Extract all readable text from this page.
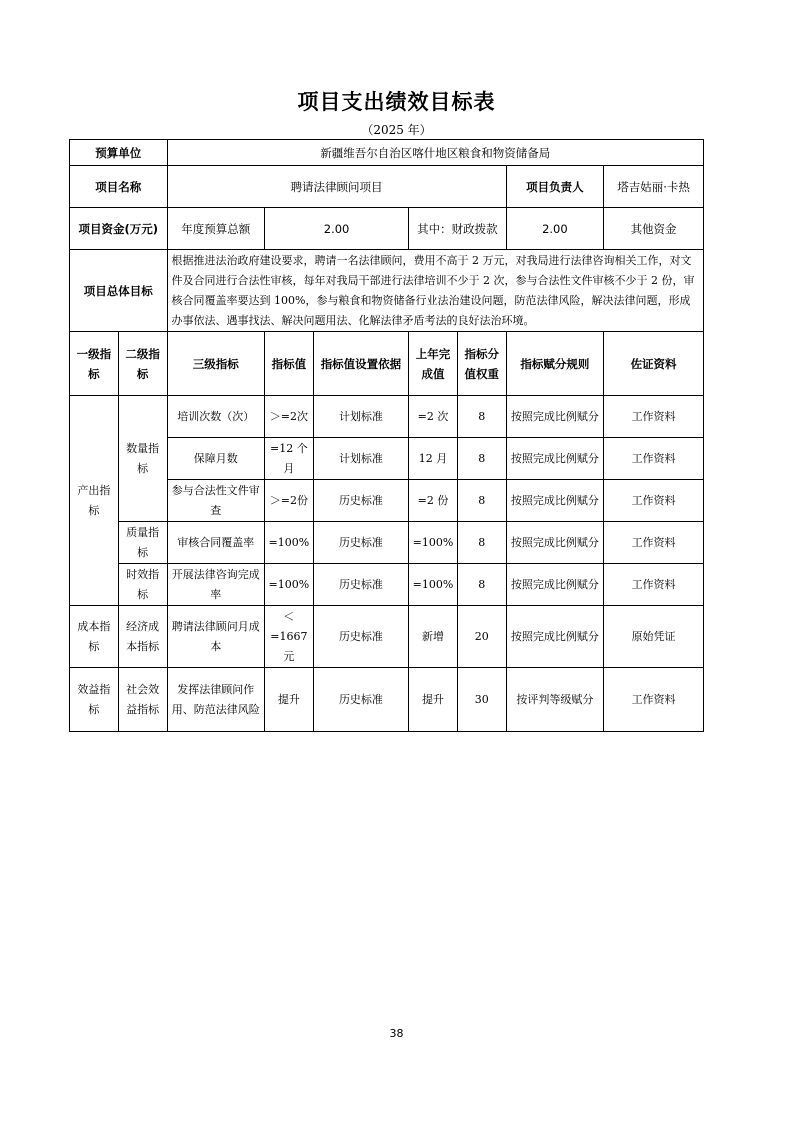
项目支出绩效目标表
（2025 年）
预算单位		新疆维吾尔自治区喀什地区粮食和物资储备局						
项目名称		聘请法律顾问项目					项目负责人	塔吉姑丽·卡热
项目资金(万元)		年度预算总额	2.00		其中：财政拨款		2.00	其他资金
项目总体目标		根据推进法治政府建设要求，聘请一名法律顾问，费用不高于 2 万元，对我局进行法律咨询相关工作，对文件及合同进行合法性审核，每年对我局干部进行法律培训不少于 2 次，参与合法性文件审核不少于 2 份，审核合同覆盖率要达到 100%，参与粮食和物资储备行业法治建设问题，防范法律风险，解决法律问题，形成办事依法、遇事找法、解决问题用法、化解法律矛盾考法的良好法治环境。						
一级指标	二级指标	三级指标	指标值	指标值设置依据	上年完成值	指标分值权重	指标赋分规则	佐证资料
产出指标	数量指标	培训次数（次）	＞=2次	计划标准	=2 次	8	按照完成比例赋分	工作资料
		保障月数	=12 个月	计划标准	12 月	8	按照完成比例赋分	工作资料
		参与合法性文件审查	＞=2份	历史标准	=2 份	8	按照完成比例赋分	工作资料
	质量指标	审核合同覆盖率	=100%	历史标准	=100%	8	按照完成比例赋分	工作资料
	时效指标	开展法律咨询完成率	=100%	历史标准	=100%	8	按照完成比例赋分	工作资料
成本指标	经济成本指标	聘请法律顾问月成本	＜=1667元	历史标准	新增	20	按照完成比例赋分	原始凭证
效益指标	社会效益指标	发挥法律顾问作用、防范法律风险	提升	历史标准	提升	30	按评判等级赋分	工作资料
38
